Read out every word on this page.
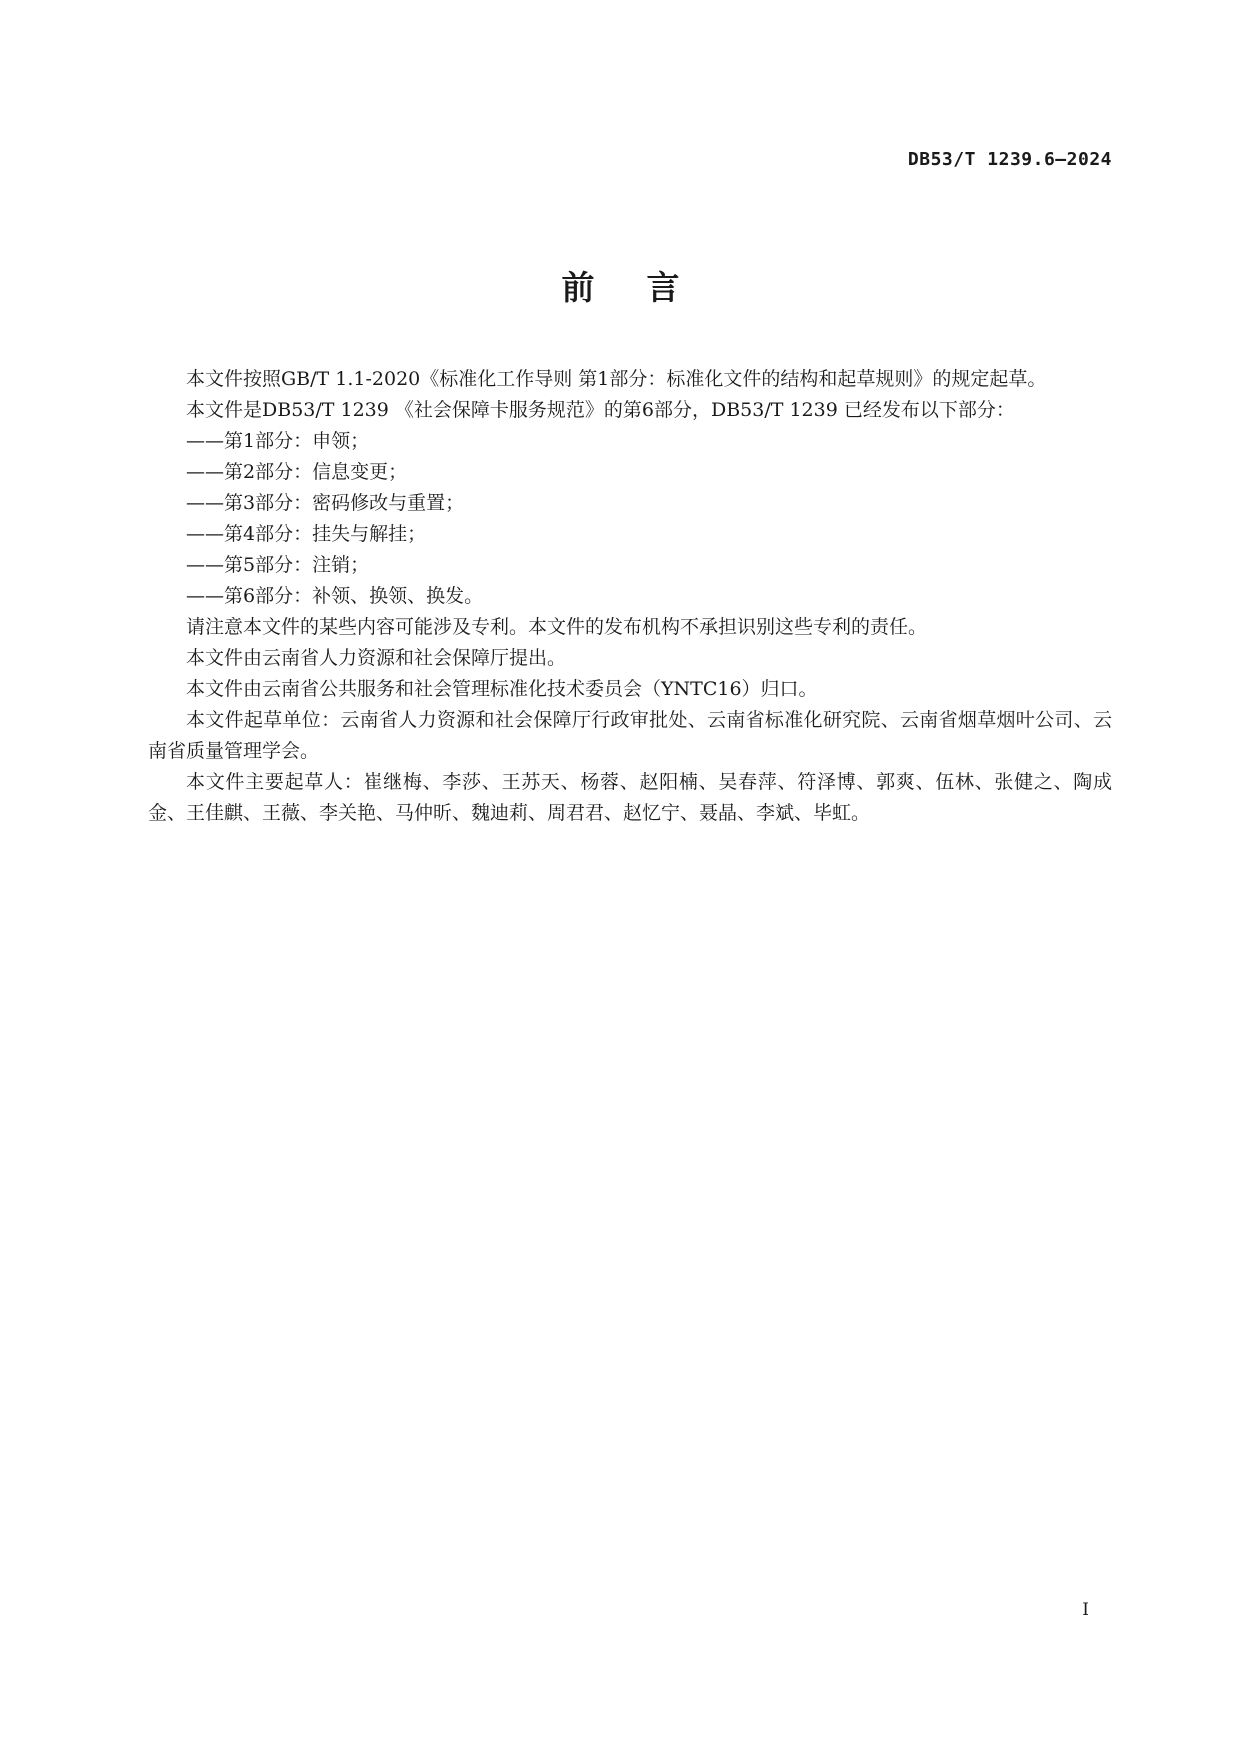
DB53/T 1239.6—2024
前言

本文件按照GB/T 1.1-2020《标准化工作导则 第1部分：标准化文件的结构和起草规则》的规定起草。

本文件是DB53/T 1239 《社会保障卡服务规范》的第6部分，DB53/T 1239 已经发布以下部分：

——第1部分：申领；

——第2部分：信息变更；

——第3部分：密码修改与重置；

——第4部分：挂失与解挂；

——第5部分：注销；

——第6部分：补领、换领、换发。

请注意本文件的某些内容可能涉及专利。本文件的发布机构不承担识别这些专利的责任。

本文件由云南省人力资源和社会保障厅提出。

本文件由云南省公共服务和社会管理标准化技术委员会（YNTC16）归口。

本文件起草单位：云南省人力资源和社会保障厅行政审批处、云南省标准化研究院、云南省烟草烟叶公司、云南省质量管理学会。

本文件主要起草人：崔继梅、李莎、王苏天、杨蓉、赵阳楠、吴春萍、符泽博、郭爽、伍林、张健之、陶成金、王佳麒、王薇、李关艳、马仲昕、魏迪莉、周君君、赵忆宁、聂晶、李斌、毕虹。

I
